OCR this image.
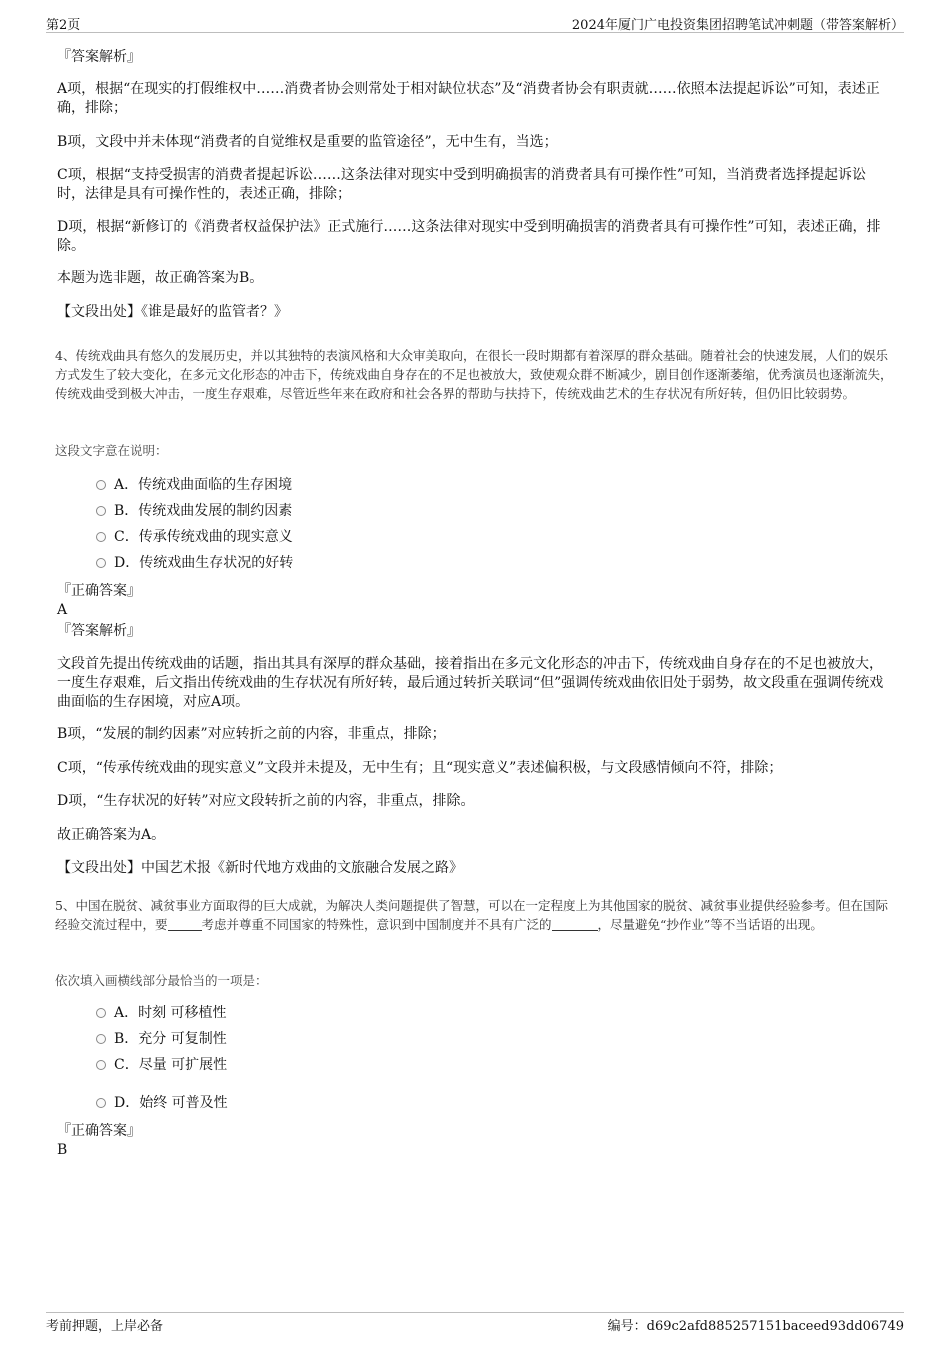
第2页	2024年厦门广电投资集团招聘笔试冲刺题（带答案解析）
『答案解析』
A项，根据“在现实的打假维权中……消费者协会则常处于相对缺位状态”及“消费者协会有职责就……依照本法提起诉讼”可知，表述正确，排除；
B项，文段中并未体现“消费者的自觉维权是重要的监管途径”，无中生有，当选；
C项，根据“支持受损害的消费者提起诉讼……这条法律对现实中受到明确损害的消费者具有可操作性”可知，当消费者选择提起诉讼时，法律是具有可操作性的，表述正确，排除；
D项，根据“新修订的《消费者权益保护法》正式施行……这条法律对现实中受到明确损害的消费者具有可操作性”可知，表述正确，排除。
本题为选非题，故正确答案为B。
【文段出处】《谁是最好的监管者？》
4、传统戏曲具有悠久的发展历史，并以其独特的表演风格和大众审美取向，在很长一段时期都有着深厚的群众基础。随着社会的快速发展，人们的娱乐方式发生了较大变化，在多元文化形态的冲击下，传统戏曲自身存在的不足也被放大，致使观众群不断减少，剧目创作逐渐萎缩，优秀演员也逐渐流失，传统戏曲受到极大冲击，一度生存艰难，尽管近些年来在政府和社会各界的帮助与扶持下，传统戏曲艺术的生存状况有所好转，但仍旧比较弱势。
这段文字意在说明：
A．传统戏曲面临的生存困境
B．传统戏曲发展的制约因素
C．传承传统戏曲的现实意义
D．传统戏曲生存状况的好转
『正确答案』
A
『答案解析』
文段首先提出传统戏曲的话题，指出其具有深厚的群众基础，接着指出在多元文化形态的冲击下，传统戏曲自身存在的不足也被放大，一度生存艰难，后文指出传统戏曲的生存状况有所好转，最后通过转折关联词“但”强调传统戏曲依旧处于弱势，故文段重在强调传统戏曲面临的生存困境，对应A项。
B项，“发展的制约因素”对应转折之前的内容，非重点，排除；
C项，“传承传统戏曲的现实意义”文段并未提及，无中生有；且“现实意义”表述偏积极，与文段感情倾向不符，排除；
D项，“生存状况的好转”对应文段转折之前的内容，非重点，排除。
故正确答案为A。
【文段出处】中国艺术报《新时代地方戏曲的文旅融合发展之路》
5、中国在脱贫、减贫事业方面取得的巨大成就，为解决人类问题提供了智慧，可以在一定程度上为其他国家的脱贫、减贫事业提供经验参考。但在国际经验交流过程中，要	考虑并尊重不同国家的特殊性，意识到中国制度并不具有广泛的	，尽量避免“抄作业”等不当话语的出现。
依次填入画横线部分最恰当的一项是：
A．时刻 可移植性
B．充分 可复制性
C．尽量 可扩展性
D．始终 可普及性
『正确答案』
B
考前押题，上岸必备	编号：d69c2afd885257151baceed93dd06749
